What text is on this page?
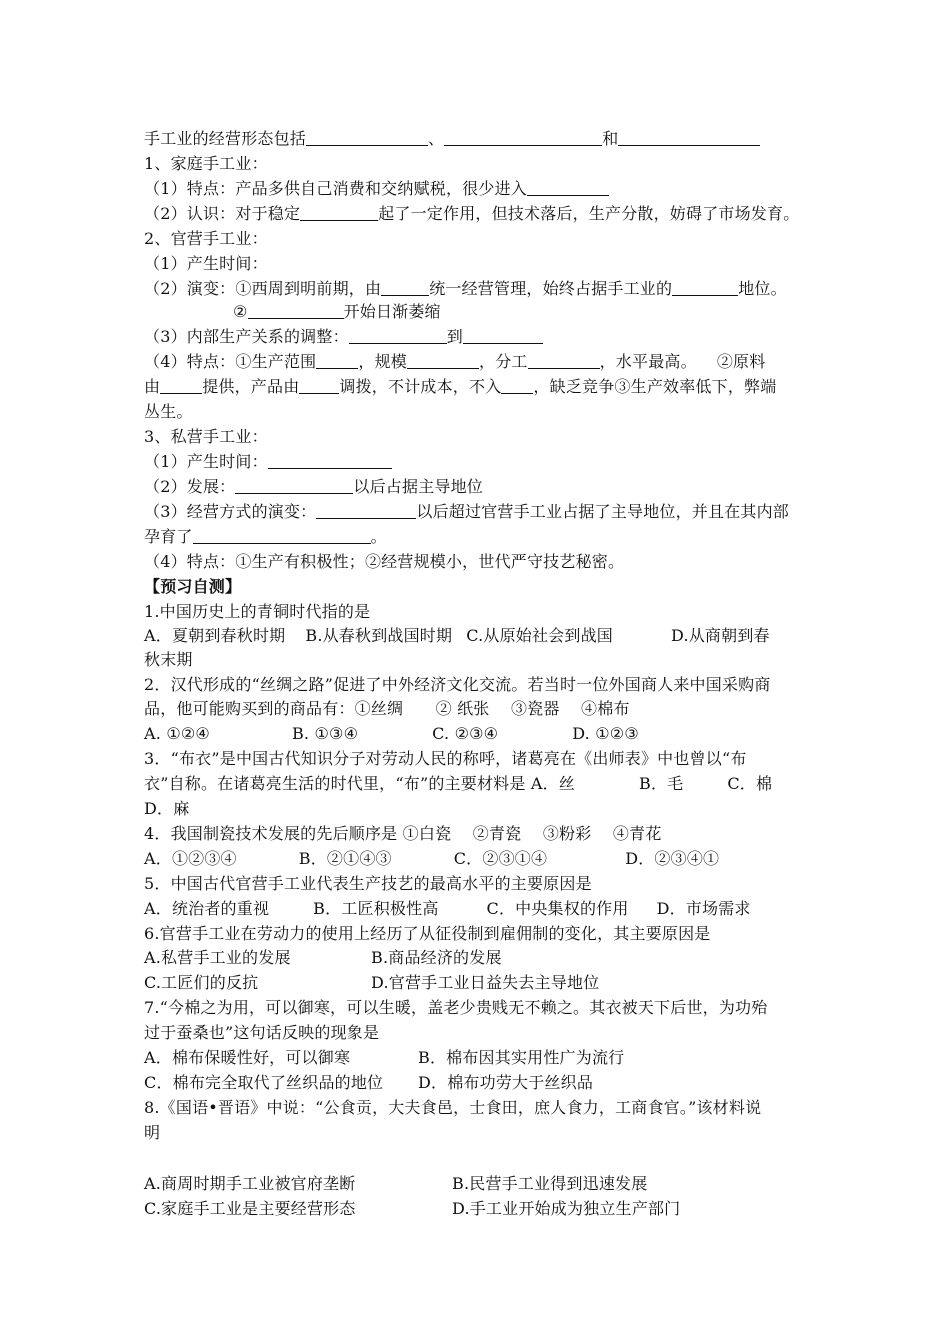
手工业的经营形态包括	、	和
1、家庭手工业：
（1）特点：产品多供自己消费和交纳赋税，很少进入
（2）认识：对于稳定	起了一定作用，但技术落后，生产分散，妨碍了市场发育。
2、官营手工业：
（1）产生时间：
（2）演变：①西周到明前期，由	统一经营管理，始终占据手工业的	地位。
②	开始日渐萎缩
（3）内部生产关系的调整：	到
（4）特点：①生产范围	，规模	，分工	，水平最高。 ②原料
由	提供，产品由	调拨，不计成本，不入 ，缺乏竞争③生产效率低下，弊端
丛生。
3、私营手工业：
（1）产生时间：
（2）发展：	以后占据主导地位
（3）经营方式的演变：	以后超过官营手工业占据了主导地位，并且在其内部
孕育了	。
（4）特点：①生产有积极性；②经营规模小，世代严守技艺秘密。
【预习自测】
1.中国历史上的青铜时代指的是
A．夏朝到春秋时期 B.从春秋到战国时期 C.从原始社会到战国	D.从商朝到春
秋末期
2．汉代形成的“丝绸之路”促进了中外经济文化交流。若当时一位外国商人来中国采购商
品，他可能购买到的商品有：①丝绸　　② 纸张　 ③瓷器　 ④棉布
A. ①②④	B. ①③④	C. ②③④	D. ①②③
3．“布衣”是中国古代知识分子对劳动人民的称呼，诸葛亮在《出师表》中也曾以“布
衣”自称。在诸葛亮生活的时代里，“布”的主要材料是 A．丝	B．毛	C．棉
D．麻
4．我国制瓷技术发展的先后顺序是 ①白瓷　 ②青瓷　 ③粉彩　 ④青花
A．①②③④	B．②①④③	C．②③①④	D．②③④①
5．中国古代官营手工业代表生产技艺的最高水平的主要原因是
A．统治者的重视	B．工匠积极性高	C．中央集权的作用 D．市场需求
6.官营手工业在劳动力的使用上经历了从征役制到雇佣制的变化，其主要原因是
A.私营手工业的发展	B.商品经济的发展
C.工匠们的反抗	D.官营手工业日益失去主导地位
7.“今棉之为用，可以御寒，可以生暖，盖老少贵贱无不赖之。其衣被天下后世，为功殆
过于蚕桑也”这句话反映的现象是
A．棉布保暖性好，可以御寒	B．棉布因其实用性广为流行
C．棉布完全取代了丝织品的地位 D．棉布功劳大于丝织品
8.《国语•晋语》中说：“公食贡，大夫食邑，士食田，庶人食力，工商食官。”该材料说
明
A.商周时期手工业被官府垄断	B.民营手工业得到迅速发展
C.家庭手工业是主要经营形态	D.手工业开始成为独立生产部门
